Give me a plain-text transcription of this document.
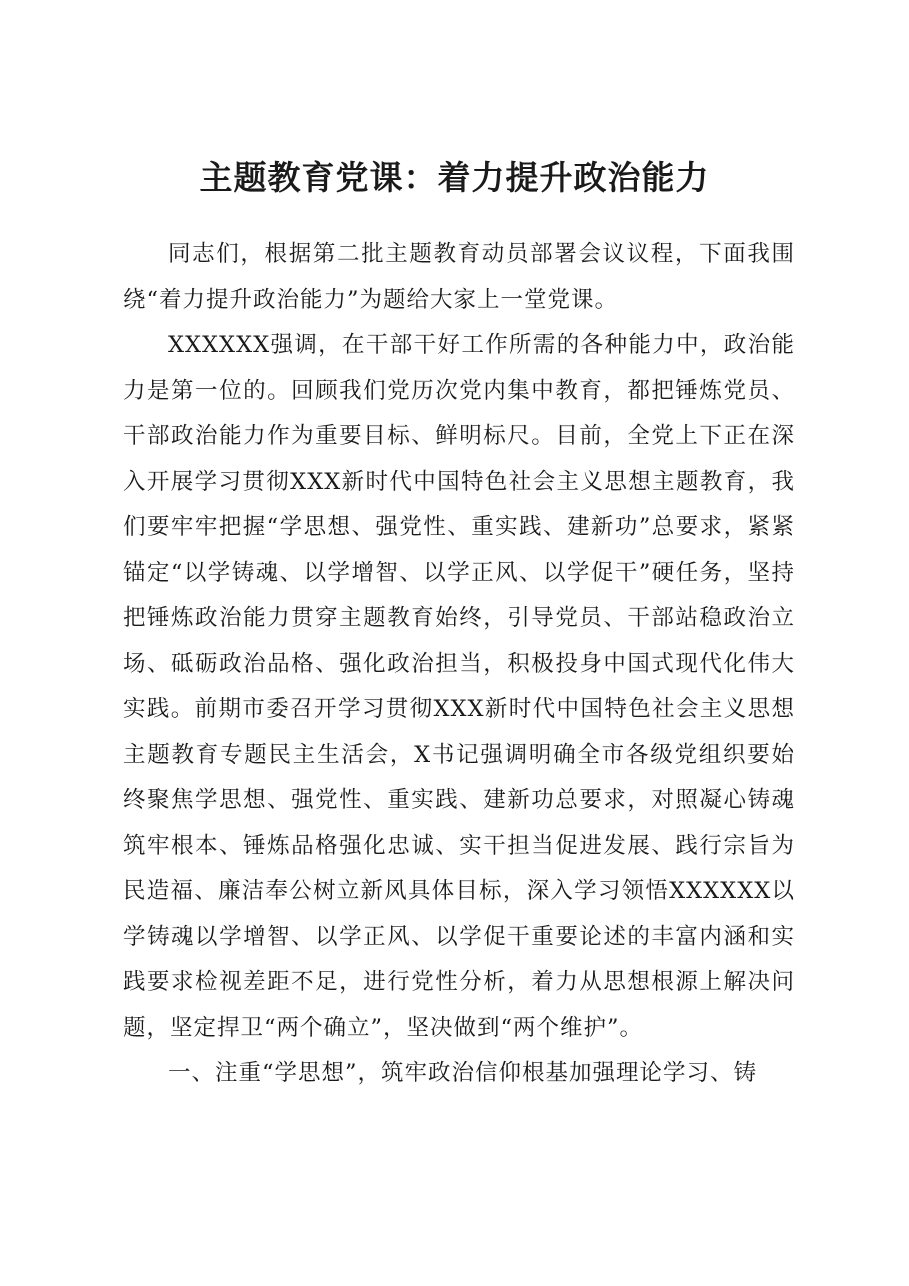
主题教育党课：着力提升政治能力

同志们，根据第二批主题教育动员部署会议议程，下面我围绕“着力提升政治能力”为题给大家上一堂党课。

XXXXXX强调，在干部干好工作所需的各种能力中，政治能力是第一位的。回顾我们党历次党内集中教育，都把锤炼党员、干部政治能力作为重要目标、鲜明标尺。目前，全党上下正在深入开展学习贯彻XXX新时代中国特色社会主义思想主题教育，我们要牢牢把握“学思想、强党性、重实践、建新功”总要求，紧紧锚定“以学铸魂、以学增智、以学正风、以学促干”硬任务，坚持把锤炼政治能力贯穿主题教育始终，引导党员、干部站稳政治立场、砥砺政治品格、强化政治担当，积极投身中国式现代化伟大实践。前期市委召开学习贯彻XXX新时代中国特色社会主义思想主题教育专题民主生活会，X书记强调明确全市各级党组织要始终聚焦学思想、强党性、重实践、建新功总要求，对照凝心铸魂筑牢根本、锤炼品格强化忠诚、实干担当促进发展、践行宗旨为民造福、廉洁奉公树立新风具体目标，深入学习领悟XXXXXX以学铸魂以学增智、以学正风、以学促干重要论述的丰富内涵和实践要求检视差距不足，进行党性分析，着力从思想根源上解决问题，坚定捍卫“两个确立”，坚决做到“两个维护”。

一、注重“学思想”，筑牢政治信仰根基加强理论学习、铸
